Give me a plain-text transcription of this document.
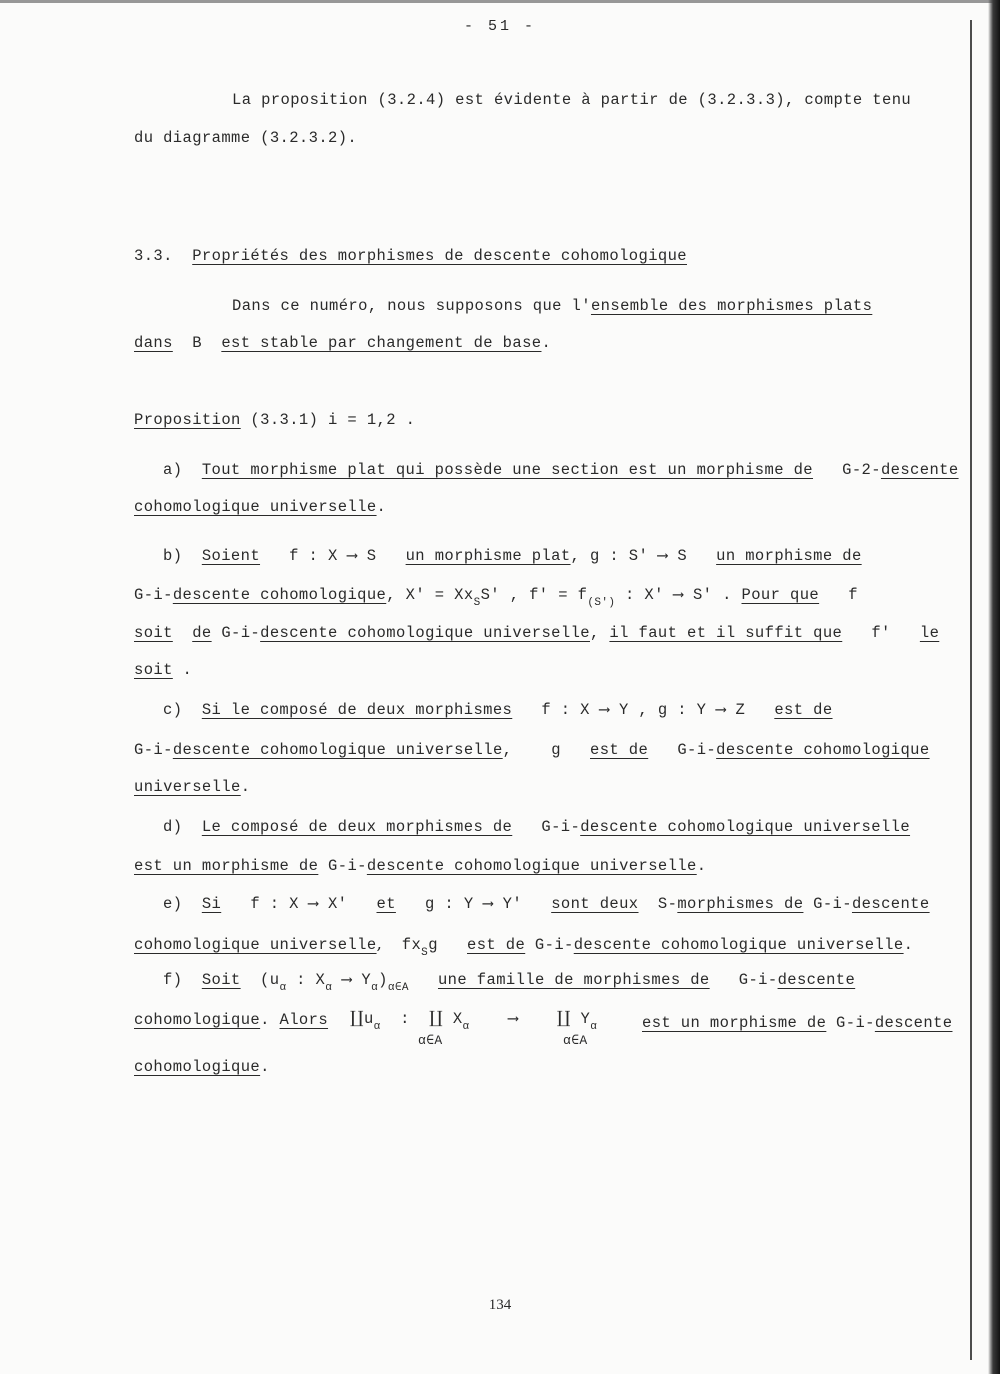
- 51 -
La proposition (3.2.4) est évidente à partir de (3.2.3.3), compte tenu
du diagramme (3.2.3.2).
3.3. Propriétés des morphismes de descente cohomologique
Dans ce numéro, nous supposons que l'ensemble des morphismes plats
dans B est stable par changement de base.
Proposition (3.3.1) i = 1,2 .
a) Tout morphisme plat qui possède une section est un morphisme de G-2-descente
cohomologique universelle.
b) Soient f : X ⟶ S un morphisme plat, g : S' ⟶ S un morphisme de
G-i-descente cohomologique, $X' = Xx_SS'$ , $f' = f_{(S')}$ : X' ⟶ S' . Pour que f
soit de G-i-descente cohomologique universelle, il faut et il suffit que f' le
soit .
c) Si le composé de deux morphismes f : X ⟶ Y , g : Y ⟶ Z est de
G-i-descente cohomologique universelle,	g est de G-i-descente cohomologique
universelle.
d) Le composé de deux morphismes de G-i-descente cohomologique universelle
est un morphisme de G-i-descente cohomologique universelle.
e) Si f : X ⟶ X' et g : Y ⟶ Y' sont deux S-morphismes de G-i-descente
cohomologique universelle, $fx_Sg$ est de G-i-descente cohomologique universelle.
f) Soit ($u_\alpha$ : $X_\alpha$ ⟶ $Y_\alpha)_{\alpha\in A}$ une famille de morphismes de G-i-descente
cohomologique. Alors $∐u_\alpha$ : ∐ $X_\alpha$	⟶ ∐ $Y_\alpha$
α∈A	α∈A
est un morphisme de G-i-descente
cohomologique.
134
